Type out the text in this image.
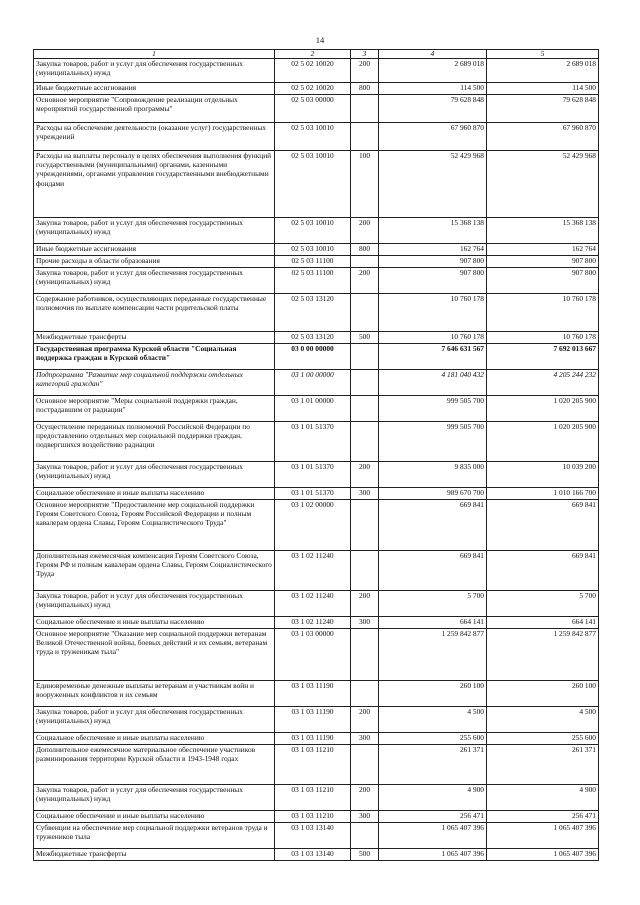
14
1	2	3	4	5
Закупка товаров, работ и услуг для обеспечения государственных (муниципальных) нужд	02 5 02 10020	200	2 689 018	2 689 018
Иные бюджетные ассигнования	02 5 02 10020	800	114 500	114 500
Основное мероприятие "Сопровождение реализации отдельных мероприятий государственной программы"	02 5 03 00000		79 628 848	79 628 848
Расходы на обеспечение деятельности (оказание услуг) государственных учреждений	02 5 03 10010		67 960 870	67 960 870
Расходы на выплаты персоналу в целях обеспечения выполнения функций государственными (муниципальными) органами, казенными учреждениями, органами управления государственными внебюджетными фондами	02 5 03 10010	100	52 429 968	52 429 968
Закупка товаров, работ и услуг для обеспечения государственных (муниципальных) нужд	02 5 03 10010	200	15 368 138	15 368 138
Иные бюджетные ассигнования	02 5 03 10010	800	162 764	162 764
Прочие расходы в области образования	02 5 03 11100		907 800	907 800
Закупка товаров, работ и услуг для обеспечения государственных (муниципальных) нужд	02 5 03 11100	200	907 800	907 800
Содержание работников, осуществляющих переданные государственные полномочия по выплате компенсации части родительской платы	02 5 03 13120		10 760 178	10 760 178
Межбюджетные трансферты	02 5 03 13120	500	10 760 178	10 760 178
Государственная программа Курской области "Социальная поддержка граждан в Курской области"	03 0 00 00000		7 646 631 567	7 692 013 667
Подпрограмма "Развитие мер социальной поддержки отдельных категорий граждан"	03 1 00 00000		4 181 040 432	4 205 244 232
Основное мероприятие "Меры социальной поддержки граждан, пострадавшим от радиации"	03 1 01 00000		999 505 700	1 020 205 900
Осуществление переданных полномочий Российской Федерации по предоставлению отдельных мер социальной поддержки граждан, подвергшихся воздействию радиации	03 1 01 51370		999 505 700	1 020 205 900
Закупка товаров, работ и услуг для обеспечения государственных (муниципальных) нужд	03 1 01 51370	200	9 835 000	10 039 200
Социальное обеспечение и иные выплаты населению	03 1 01 51370	300	989 670 700	1 010 166 700
Основное мероприятие "Предоставление мер социальной поддержки Героям Советского Союза, Героям Российской Федерации и полным кавалерам ордена Славы, Героям Социалистического Труда"	03 1 02 00000		669 841	669 841
Дополнительная ежемесячная компенсация Героям Советского Союза, Героям РФ и полным кавалерам ордена Славы, Героям Социалистического Труда	03 1 02 11240		669 841	669 841
Закупка товаров, работ и услуг для обеспечения государственных (муниципальных) нужд	03 1 02 11240	200	5 700	5 700
Социальное обеспечение и иные выплаты населению	03 1 02 11240	300	664 141	664 141
Основное мероприятие "Оказание мер социальной поддержки ветеранам Великой Отечественной войны, боевых действий и их семьям, ветеранам труда и труженикам тыла"	03 1 03 00000		1 259 842 877	1 259 842 877
Единовременные денежные выплаты ветеранам и участникам войн и вооруженных конфликтов и их семьям	03 1 03 11190		260 100	260 100
Закупка товаров, работ и услуг для обеспечения государственных (муниципальных) нужд	03 1 03 11190	200	4 500	4 500
Социальное обеспечение и иные выплаты населению	03 1 03 11190	300	255 600	255 600
Дополнительное ежемесячное материальное обеспечение участников разминирования территории Курской области в 1943-1948 годах	03 1 03 11210		261 371	261 371
Закупка товаров, работ и услуг для обеспечения государственных (муниципальных) нужд	03 1 03 11210	200	4 900	4 900
Социальное обеспечение и иные выплаты населению	03 1 03 11210	300	256 471	256 471
Субвенции на обеспечение мер социальной поддержки ветеранов труда и тружеников тыла	03 1 03 13140		1 065 407 396	1 065 407 396
Межбюджетные трансферты	03 1 03 13140	500	1 065 407 396	1 065 407 396
